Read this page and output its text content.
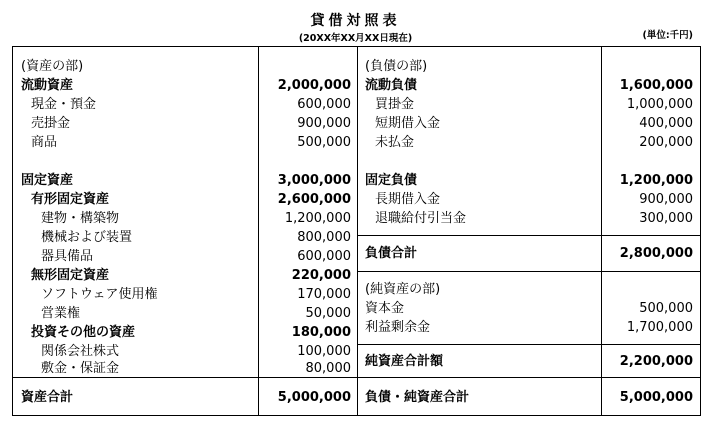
貸借対照表
(20XX年XX月XX日現在)	(単位:千円)
(資産の部)
流動資産	2,000,000
現金・預金	600,000
売掛金	900,000
商品	500,000
固定資産	3,000,000
有形固定資産	2,600,000
建物・構築物	1,200,000
機械および装置	800,000
器具備品	600,000
無形固定資産	220,000
ソフトウェア使用権	170,000
営業権	50,000
投資その他の資産	180,000
関係会社株式	100,000
敷金・保証金	80,000
資産合計	5,000,000
(負債の部)
流動負債	1,600,000
買掛金	1,000,000
短期借入金	400,000
未払金	200,000
固定負債	1,200,000
長期借入金	900,000
退職給付引当金	300,000
負債合計	2,800,000
(純資産の部)
資本金	500,000
利益剰余金	1,700,000
純資産合計額	2,200,000
負債・純資産合計	5,000,000
